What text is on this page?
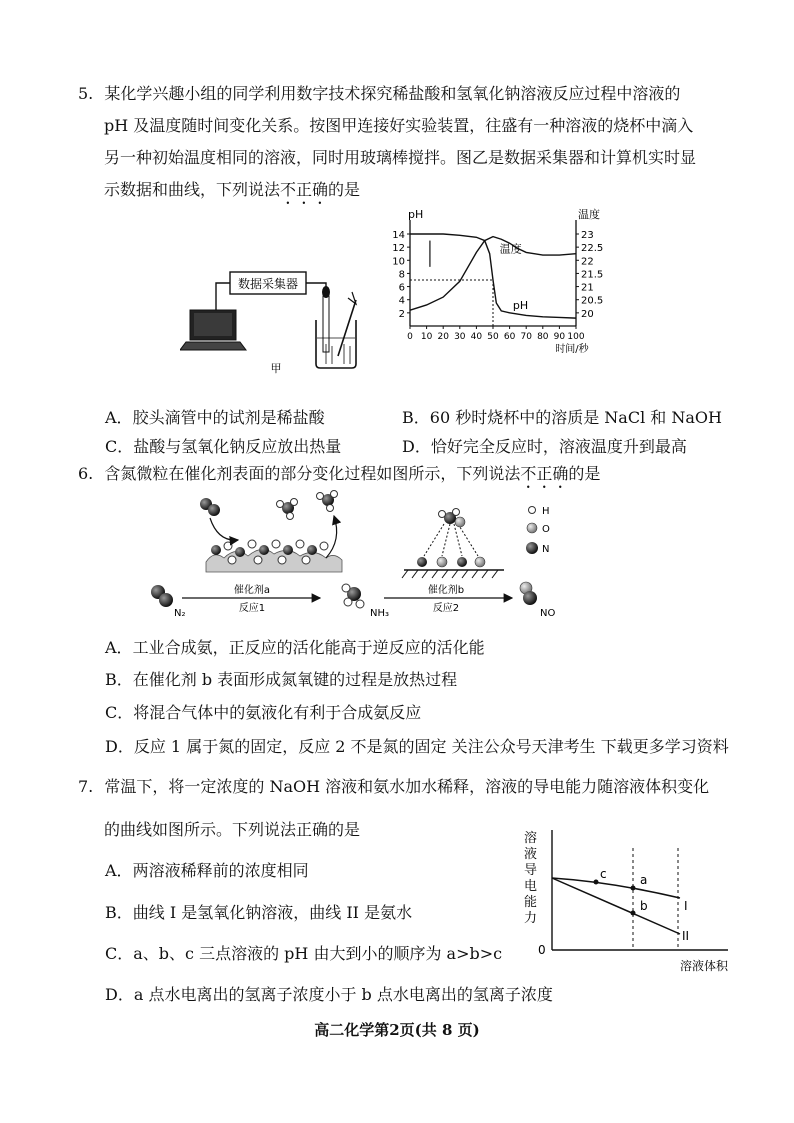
5. 某化学兴趣小组的同学利用数字技术探究稀盐酸和氢氧化钠溶液反应过程中溶液的
pH 及温度随时间变化关系。按图甲连接好实验装置，往盛有一种溶液的烧杯中滴入
另一种初始温度相同的溶液，同时用玻璃棒搅拌。图乙是数据采集器和计算机实时显
示数据和曲线，下列说法不正确的是
数据采集器
甲
pH	温度
2
4
6
8
10
12
14
20
20.5
21
21.5
22
22.5
23
0 10 20 30 40 50 60 70 80 90 100
时间/秒
温度
pH
A．胶头滴管中的试剂是稀盐酸	B．60 秒时烧杯中的溶质是 NaCl 和 NaOH
C．盐酸与氢氧化钠反应放出热量	D．恰好完全反应时，溶液温度升到最高
6. 含氮微粒在催化剂表面的部分变化过程如图所示，下列说法不正确的是
H
O
N
N₂
催化剂a
反应1	NH₃
催化剂b
反应2	NO
A．工业合成氨，正反应的活化能高于逆反应的活化能
B．在催化剂 b 表面形成氮氧键的过程是放热过程
C．将混合气体中的氨液化有利于合成氨反应
D．反应 1 属于氮的固定，反应 2 不是氮的固定 关注公众号天津考生 下载更多学习资料
7. 常温下，将一定浓度的 NaOH 溶液和氨水加水稀释，溶液的导电能力随溶液体积变化
的曲线如图所示。下列说法正确的是	溶
液
导
电
能
力
0
溶液体积
c	a
b	I
II
A．两溶液稀释前的浓度相同
B．曲线 I 是氢氧化钠溶液，曲线 II 是氨水
C．a、b、c 三点溶液的 pH 由大到小的顺序为 a>b>c
D．a 点水电离出的氢离子浓度小于 b 点水电离出的氢离子浓度
高二化学第2页(共 8 页)
